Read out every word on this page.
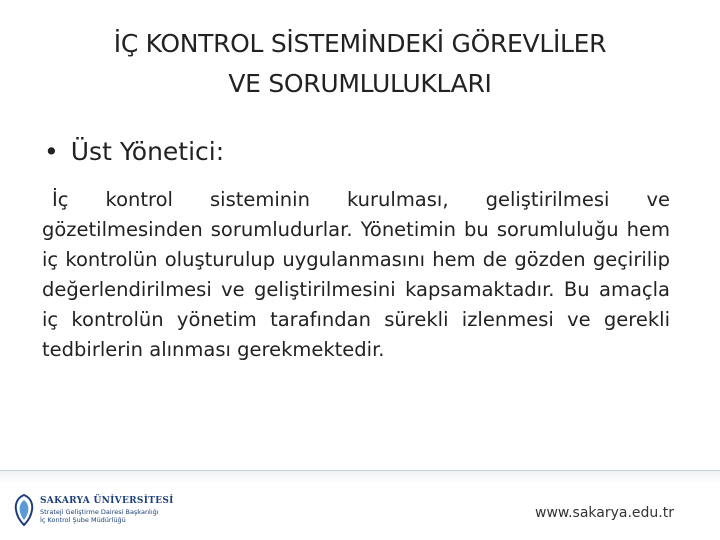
İÇ KONTROL SİSTEMİNDEKİ GÖREVLİLER
VE SORUMLULUKLARI
• Üst Yönetici:
İç kontrol sisteminin kurulması, geliştirilmesi ve gözetilmesinden sorumludurlar. Yönetimin bu sorumluluğu hem iç kontrolün oluşturulup uygulanmasını hem de gözden geçirilip değerlendirilmesi ve geliştirilmesini kapsamaktadır. Bu amaçla iç kontrolün yönetim tarafından sürekli izlenmesi ve gerekli tedbirlerin alınması gerekmektedir.
SAKARYA ÜNİVERSİTESİ
Strateji Geliştirme Dairesi Başkanlığı
İç Kontrol Şube Müdürlüğü	www.sakarya.edu.tr
